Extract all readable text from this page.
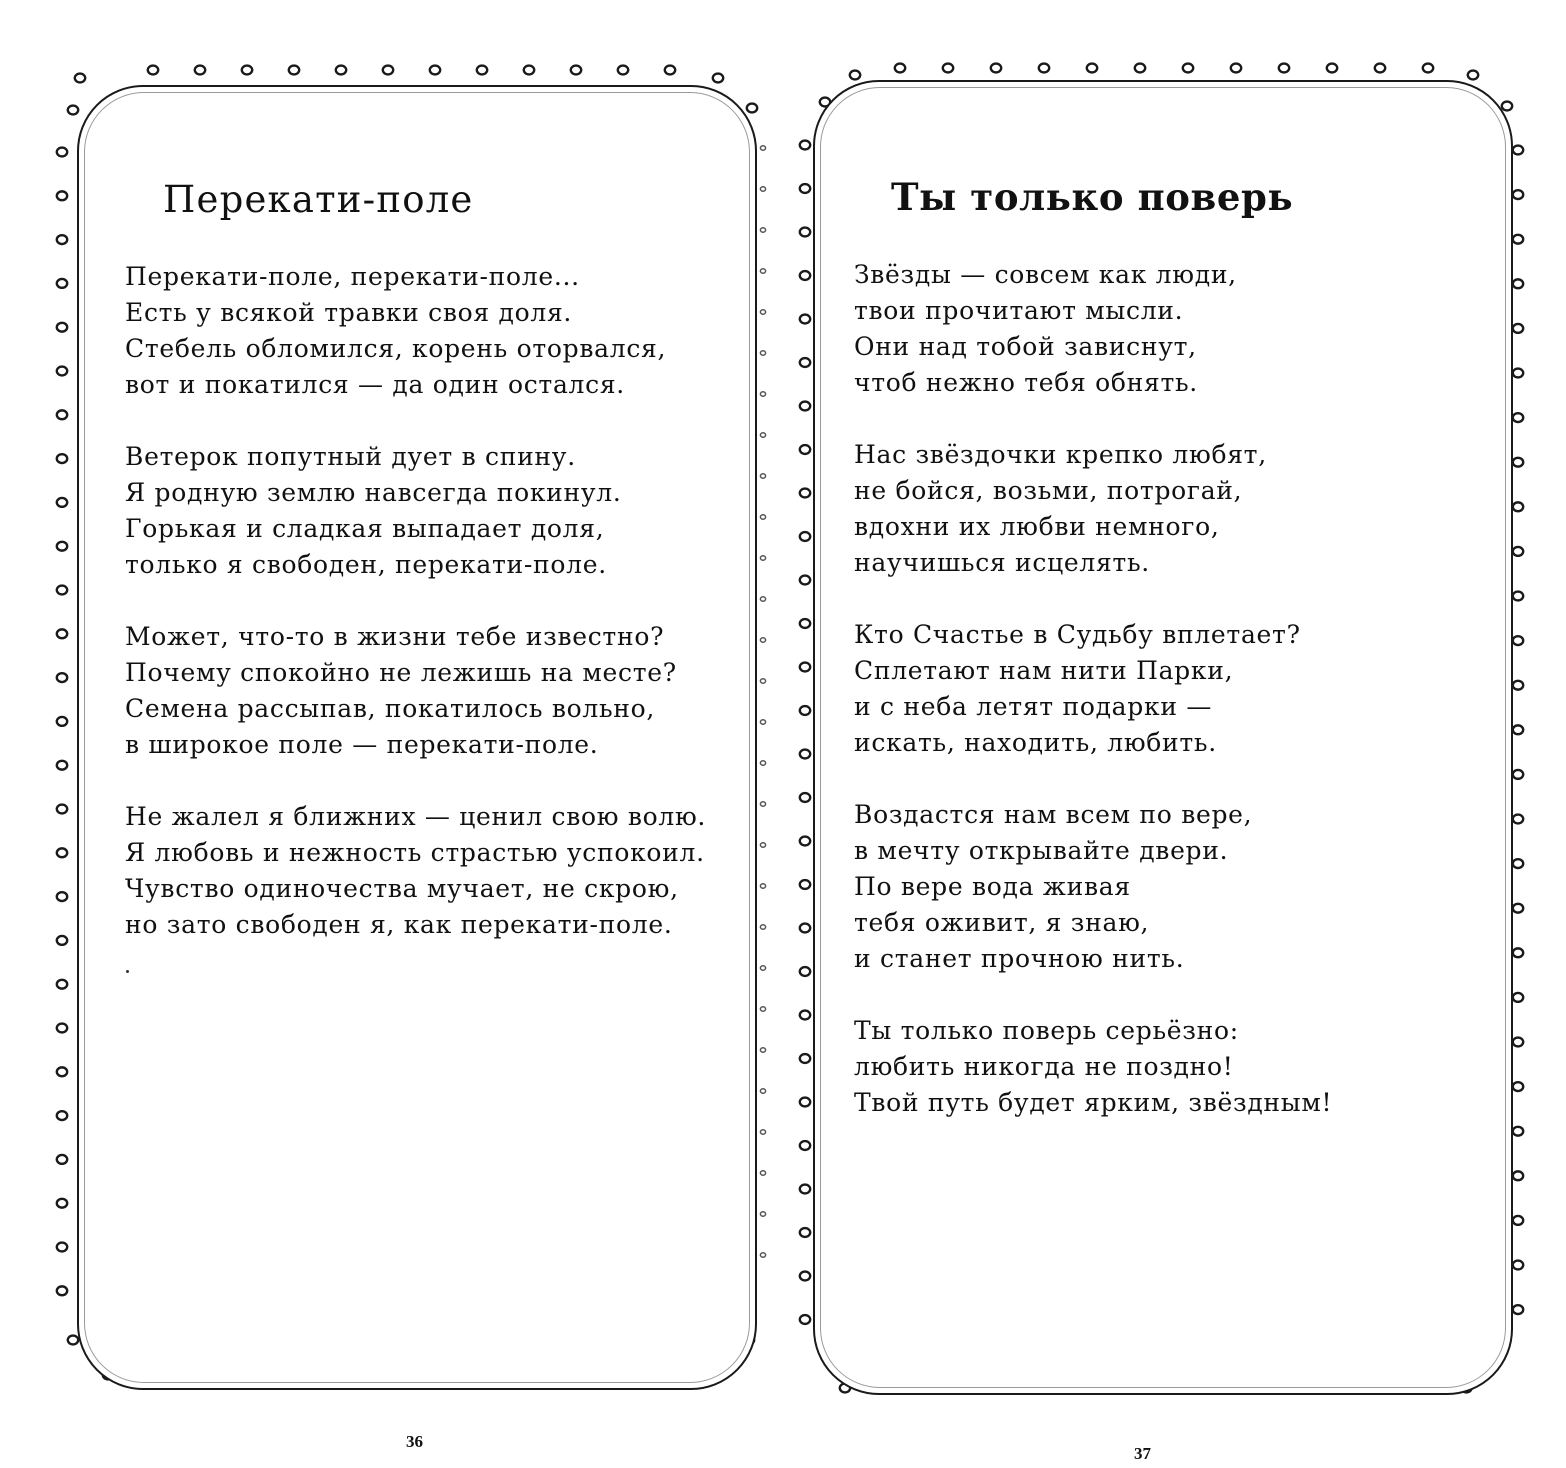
Перекати-поле
Перекати-поле, перекати-поле...
Есть у всякой травки своя доля.
Стебель обломился, корень оторвался,
вот и покатился — да один остался.
Ветерок попутный дует в спину.
Я родную землю навсегда покинул.
Горькая и сладкая выпадает доля,
только я свободен, перекати-поле.
Может, что-то в жизни тебе известно?
Почему спокойно не лежишь на месте?
Семена рассыпав, покатилось вольно,
в широкое поле — перекати-поле.
Не жалел я ближних — ценил свою волю.
Я любовь и нежность страстью успокоил.
Чувство одиночества мучает, не скрою,
но зато свободен я, как перекати-поле.
36
Ты только поверь
Звёзды — совсем как люди,
твои прочитают мысли.
Они над тобой зависнут,
чтоб нежно тебя обнять.
Нас звёздочки крепко любят,
не бойся, возьми, потрогай,
вдохни их любви немного,
научишься исцелять.
Кто Счастье в Судьбу вплетает?
Сплетают нам нити Парки,
и с неба летят подарки —
искать, находить, любить.
Воздастся нам всем по вере,
в мечту открывайте двери.
По вере вода живая
тебя оживит, я знаю,
и станет прочною нить.
Ты только поверь серьёзно:
любить никогда не поздно!
Твой путь будет ярким, звёздным!
37
